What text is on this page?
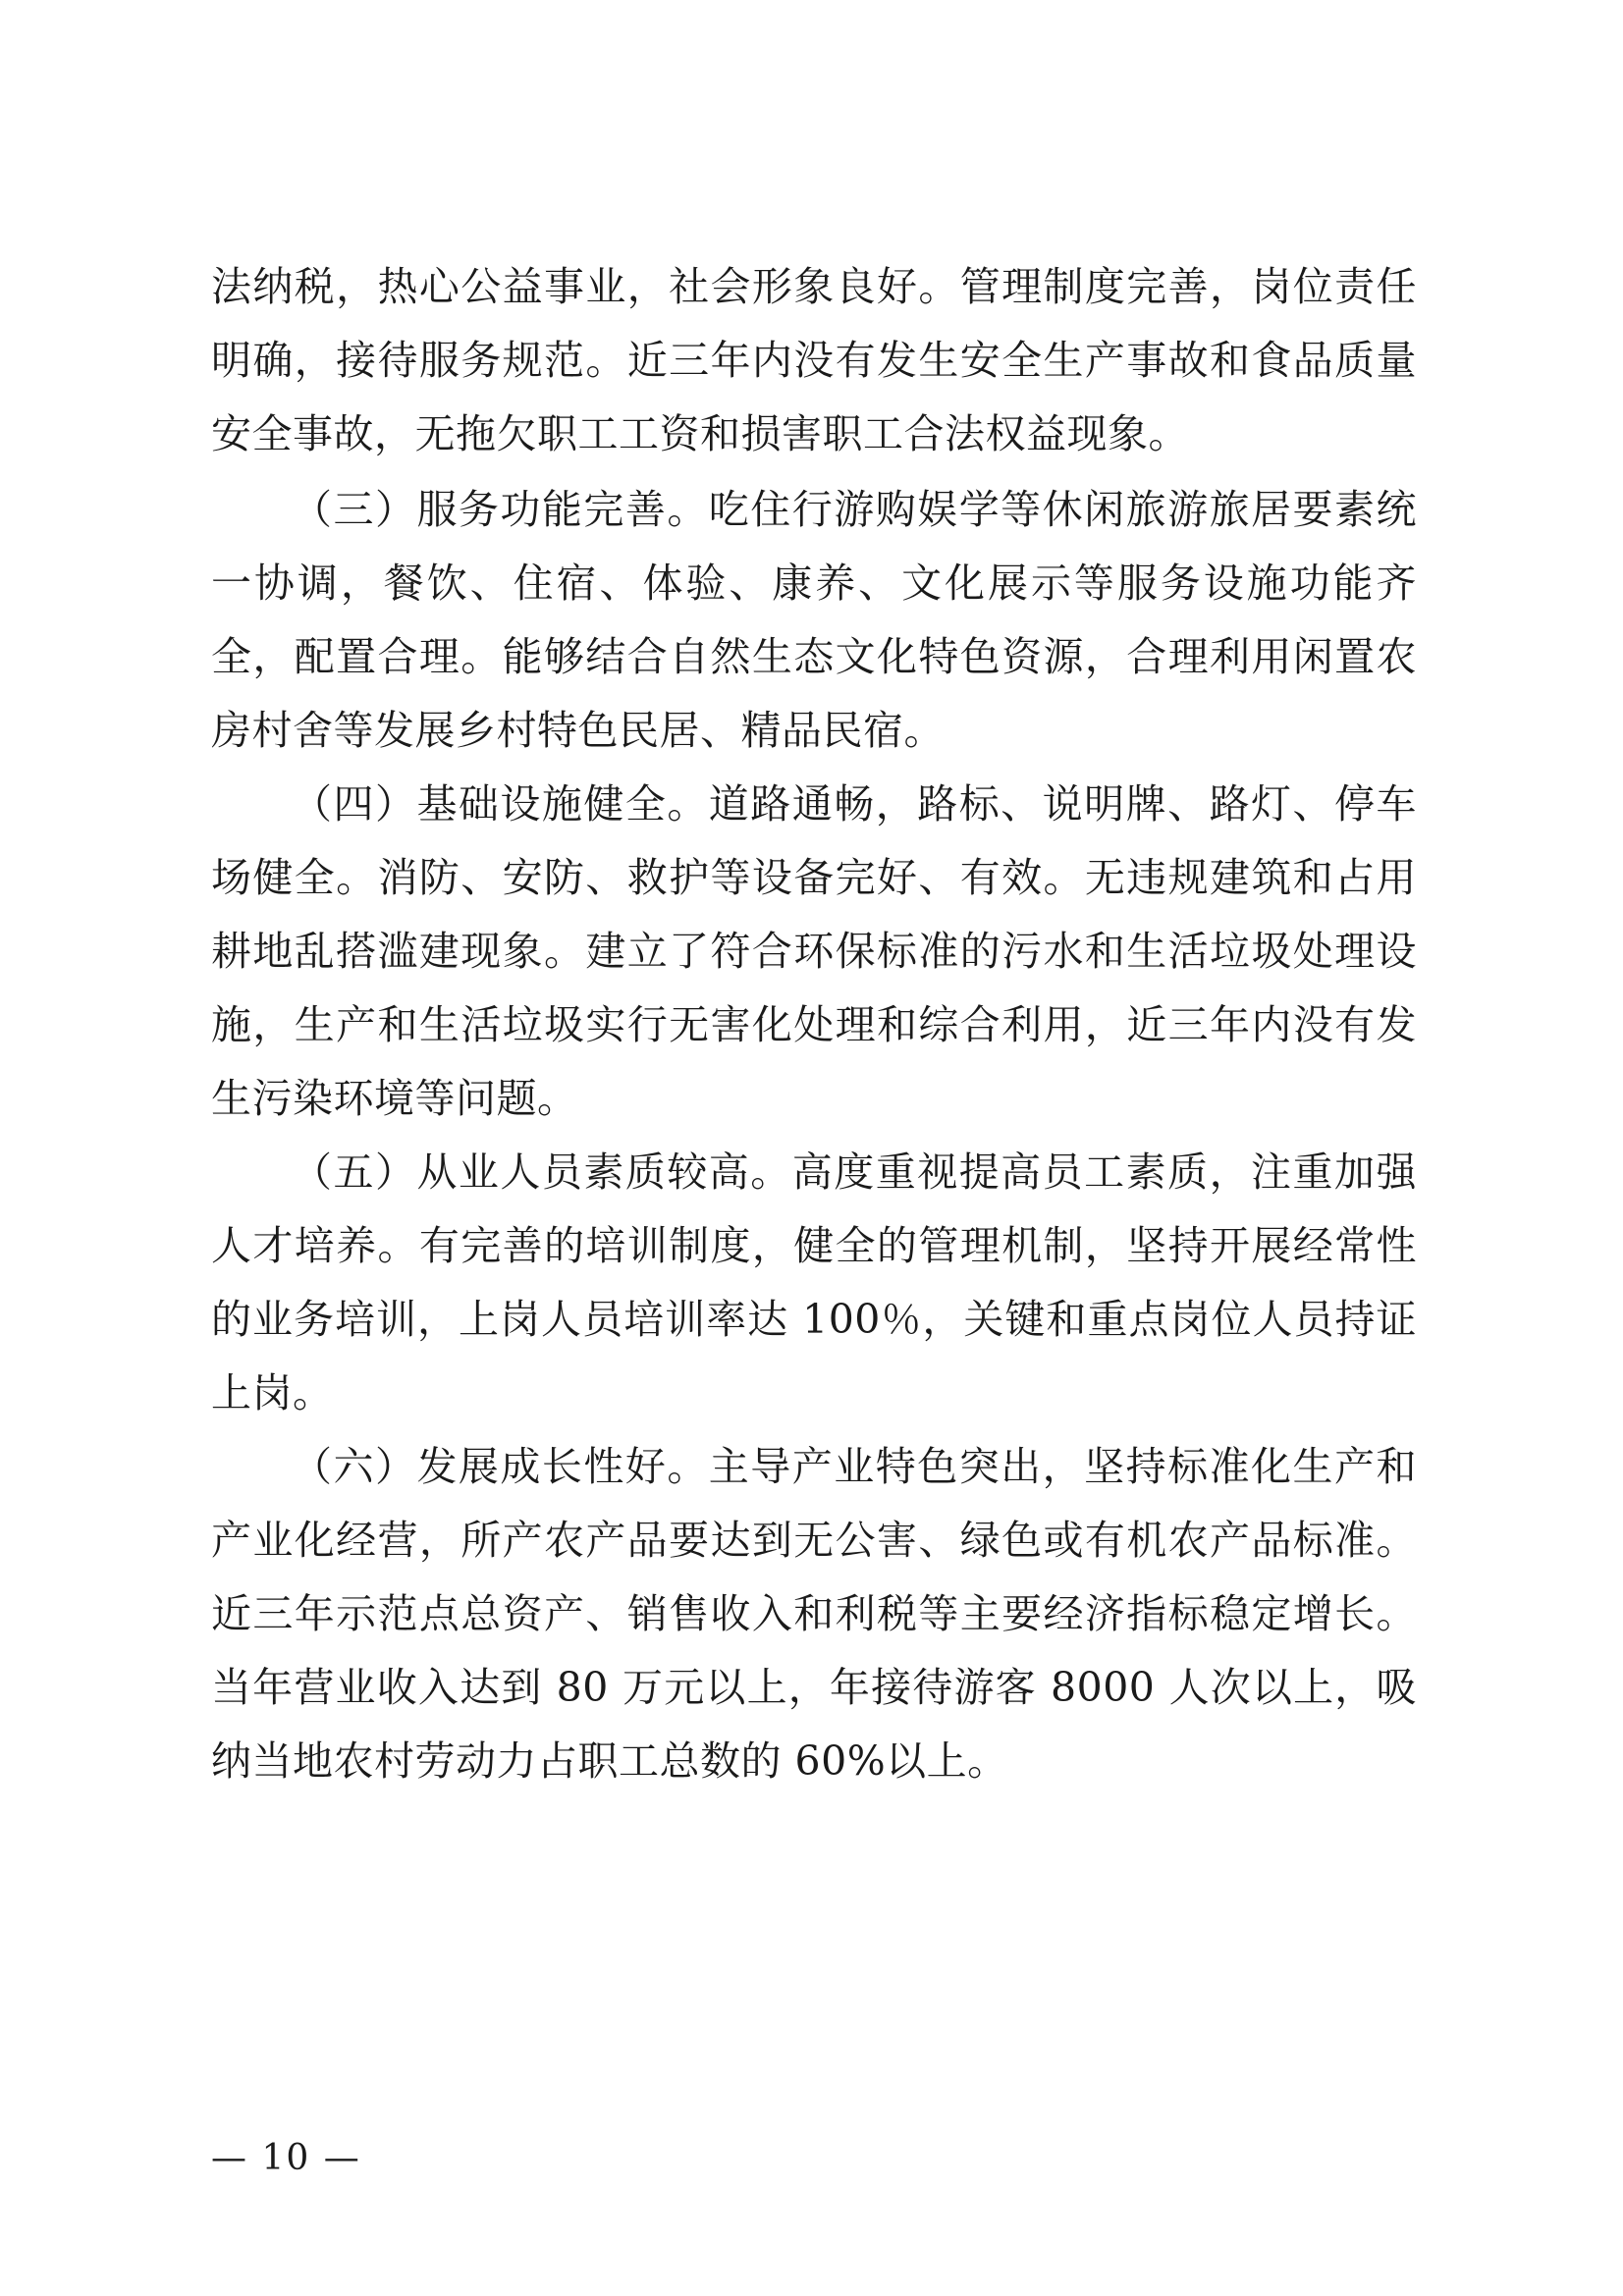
法纳税，热心公益事业，社会形象良好。管理制度完善，岗位责任明确，接待服务规范。近三年内没有发生安全生产事故和食品质量安全事故，无拖欠职工工资和损害职工合法权益现象。

（三）服务功能完善。吃住行游购娱学等休闲旅游旅居要素统一协调，餐饮、住宿、体验、康养、文化展示等服务设施功能齐全，配置合理。能够结合自然生态文化特色资源，合理利用闲置农房村舍等发展乡村特色民居、精品民宿。

（四）基础设施健全。道路通畅，路标、说明牌、路灯、停车场健全。消防、安防、救护等设备完好、有效。无违规建筑和占用耕地乱搭滥建现象。建立了符合环保标准的污水和生活垃圾处理设施，生产和生活垃圾实行无害化处理和综合利用，近三年内没有发生污染环境等问题。

（五）从业人员素质较高。高度重视提高员工素质，注重加强人才培养。有完善的培训制度，健全的管理机制，坚持开展经常性的业务培训，上岗人员培训率达 100％，关键和重点岗位人员持证上岗。

（六）发展成长性好。主导产业特色突出，坚持标准化生产和产业化经营，所产农产品要达到无公害、绿色或有机农产品标准。近三年示范点总资产、销售收入和利税等主要经济指标稳定增长。当年营业收入达到 80 万元以上，年接待游客 8000 人次以上，吸纳当地农村劳动力占职工总数的 60%以上。

— 10 —
